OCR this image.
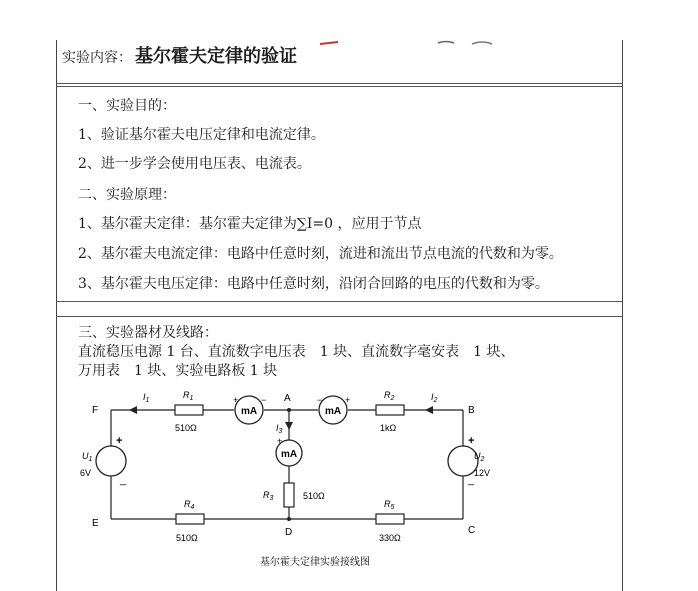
实验内容： 基尔霍夫定律的验证
一、实验目的：
1、验证基尔霍夫电压定律和电流定律。
2、进一步学会使用电压表、电流表。
二、实验原理：
1、基尔霍夫定律：基尔霍夫定律为∑I=0 ，应用于节点
2、基尔霍夫电流定律：电路中任意时刻，流进和流出节点电流的代数和为零。
3、基尔霍夫电压定律：电路中任意时刻，沿闭合回路的电压的代数和为零。
三、实验器材及线路：
直流稳压电源 1 台、直流数字电压表　1 块、直流数字毫安表　1 块、
万用表　1 块、实验电路板 1 块
mA	mA
mA
+	−	+
−
+
+
_
+
_
F
A
B
E
D	C
$I_1$	$I_2$
$I_3$
$R_1$	$R_2$
$R_3$
$R_4$	$R_5$
510Ω	1kΩ
510Ω
510Ω	330Ω
$U_1$
6V
$U_2$
12V
基尔霍夫定律实验接线图
